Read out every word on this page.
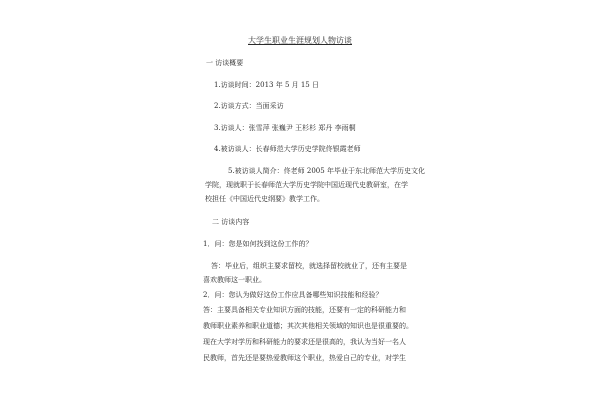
大学生职业生涯规划人物访谈
一 访谈概要
1.访谈时间：2013 年 5 月 15 日
2.访谈方式：当面采访
3.访谈人：张雪萍 张巍尹 王杉杉 郑丹 李雨桐
4.被访谈人：长春师范大学历史学院佟银霞老师
5.被访谈人简介：佟老师 2005 年毕业于东北师范大学历史文化
学院，现就职于长春师范大学历史学院中国近现代史教研室，在学
校担任《中国近代史纲要》教学工作。
二 访谈内容
1．问：您是如何找到这份工作的？
答：毕业后，组织主要求留校，就选择留校就业了，还有主要是
喜欢教师这一职业。
2．问：您认为做好这份工作应具备哪些知识技能和经验？
答：主要具备相关专业知识方面的技能，还要有一定的科研能力和
教师职业素养和职业道德；其次其他相关领域的知识也是很重要的。
现在大学对学历和科研能力的要求还是很高的，我认为当好一名人
民教师，首先还是要热爱教师这个职业，热爱自己的专业，对学生
